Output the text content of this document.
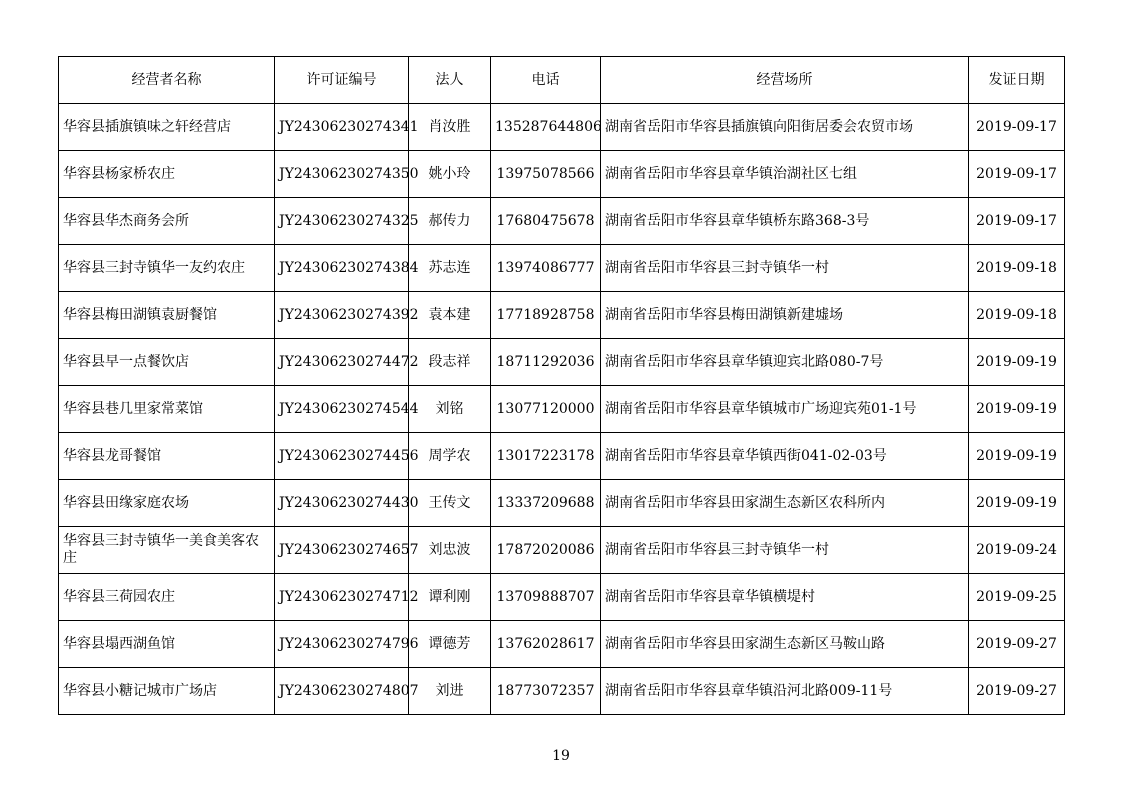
经营者名称	许可证编号	法人	电话	经营场所	发证日期
华容县插旗镇味之轩经营店	JY24306230274341	肖汝胜	135287644806	湖南省岳阳市华容县插旗镇向阳街居委会农贸市场	2019-09-17
华容县杨家桥农庄	JY24306230274350	姚小玲	13975078566	湖南省岳阳市华容县章华镇治湖社区七组	2019-09-17
华容县华杰商务会所	JY24306230274325	郝传力	17680475678	湖南省岳阳市华容县章华镇桥东路368-3号	2019-09-17
华容县三封寺镇华一友约农庄	JY24306230274384	苏志连	13974086777	湖南省岳阳市华容县三封寺镇华一村	2019-09-18
华容县梅田湖镇袁厨餐馆	JY24306230274392	袁本建	17718928758	湖南省岳阳市华容县梅田湖镇新建墟场	2019-09-18
华容县早一点餐饮店	JY24306230274472	段志祥	18711292036	湖南省岳阳市华容县章华镇迎宾北路080-7号	2019-09-19
华容县巷几里家常菜馆	JY24306230274544	刘铭	13077120000	湖南省岳阳市华容县章华镇城市广场迎宾苑01-1号	2019-09-19
华容县龙哥餐馆	JY24306230274456	周学农	13017223178	湖南省岳阳市华容县章华镇西街041-02-03号	2019-09-19
华容县田缘家庭农场	JY24306230274430	王传文	13337209688	湖南省岳阳市华容县田家湖生态新区农科所内	2019-09-19
华容县三封寺镇华一美食美客农庄	JY24306230274657	刘忠波	17872020086	湖南省岳阳市华容县三封寺镇华一村	2019-09-24
华容县三荷园农庄	JY24306230274712	谭利刚	13709888707	湖南省岳阳市华容县章华镇横堤村	2019-09-25
华容县塌西湖鱼馆	JY24306230274796	谭德芳	13762028617	湖南省岳阳市华容县田家湖生态新区马鞍山路	2019-09-27
华容县小糖记城市广场店	JY24306230274807	刘进	18773072357	湖南省岳阳市华容县章华镇沿河北路009-11号	2019-09-27
19
